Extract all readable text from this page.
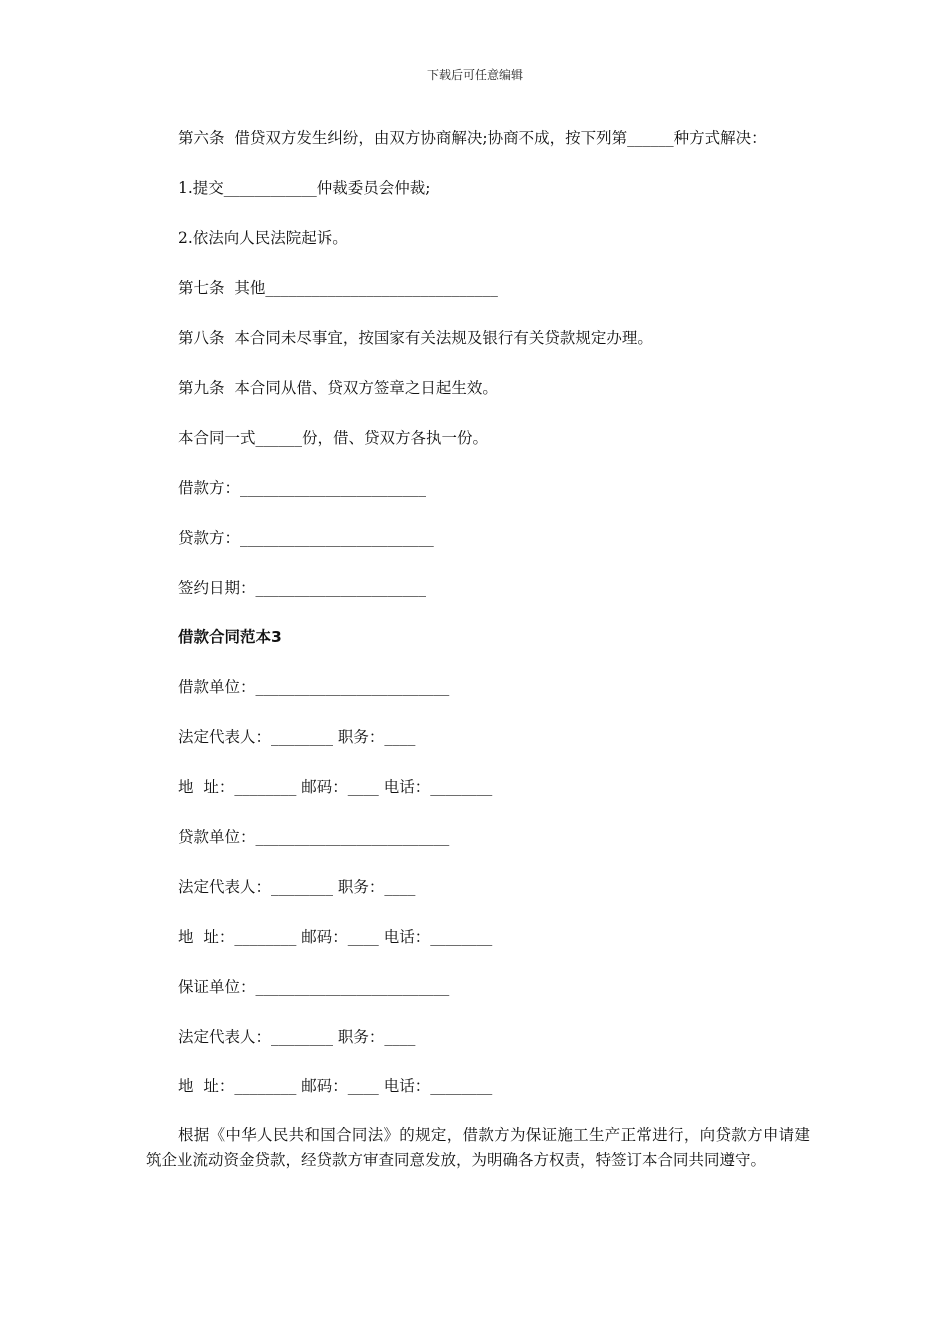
下载后可任意编辑
第六条  借贷双方发生纠纷，由双方协商解决;协商不成，按下列第______种方式解决：
1.提交____________仲裁委员会仲裁;
2.依法向人民法院起诉。
第七条  其他______________________________
第八条  本合同未尽事宜，按国家有关法规及银行有关贷款规定办理。
第九条  本合同从借、贷双方签章之日起生效。
本合同一式______份，借、贷双方各执一份。
借款方：________________________
贷款方：_________________________
签约日期：______________________
借款合同范本3
借款单位：_________________________
法定代表人：________ 职务：____
地  址：________ 邮码：____ 电话：________
贷款单位：_________________________
法定代表人：________ 职务：____
地  址：________ 邮码：____ 电话：________
保证单位：_________________________
法定代表人：________ 职务：____
地  址：________ 邮码：____ 电话：________
根据《中华人民共和国合同法》的规定，借款方为保证施工生产正常进行，向贷款方申请建筑企业流动资金贷款，经贷款方审查同意发放，为明确各方权责，特签订本合同共同遵守。
